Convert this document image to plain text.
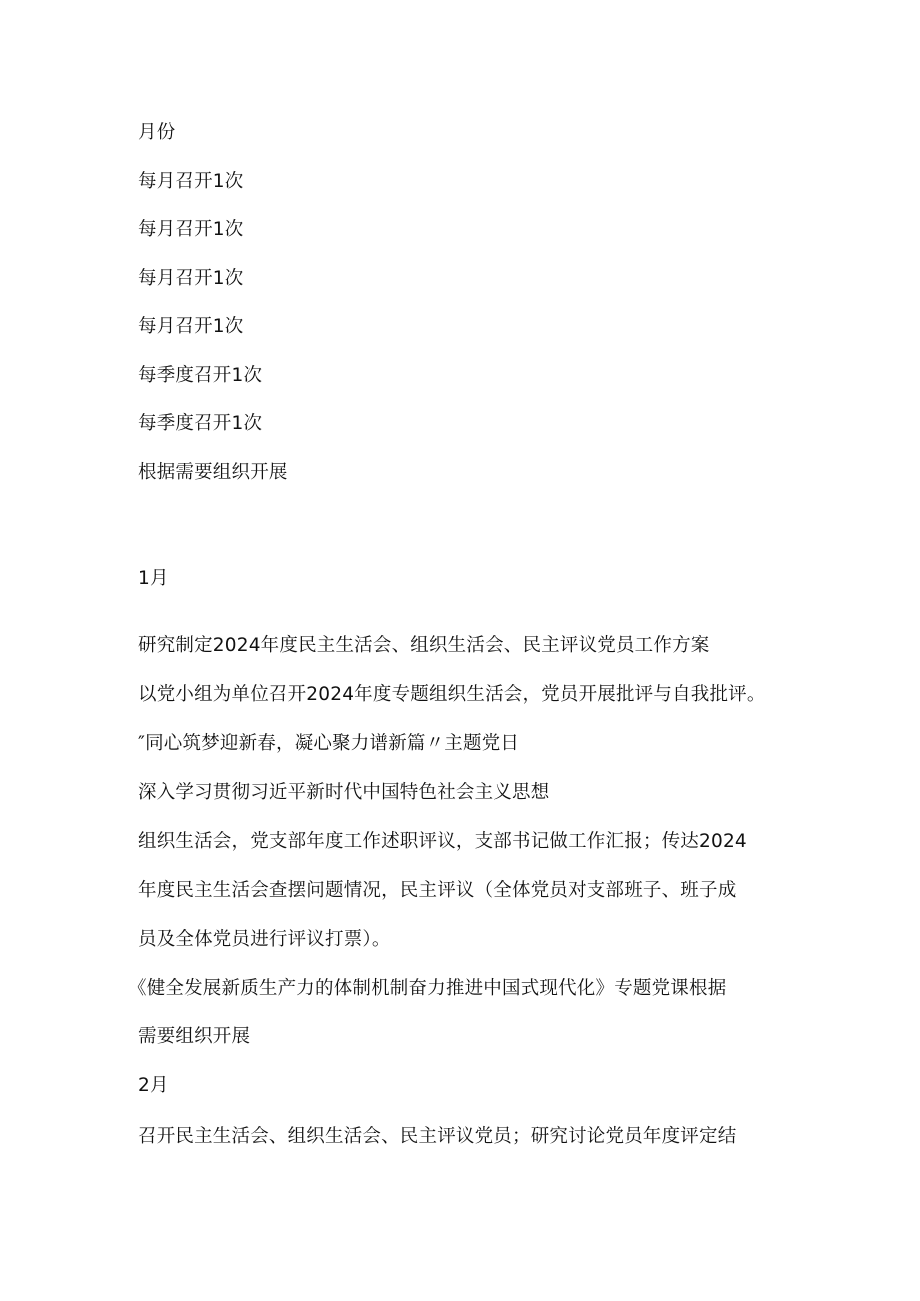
月份
每月召开1次
每月召开1次
每月召开1次
每月召开1次
每季度召开1次
每季度召开1次
根据需要组织开展
1月
研究制定2024年度民主生活会、组织生活会、民主评议党员工作方案
以党小组为单位召开2024年度专题组织生活会，党员开展批评与自我批评。
″同心筑梦迎新春，凝心聚力谱新篇〃主题党日
深入学习贯彻习近平新时代中国特色社会主义思想
组织生活会，党支部年度工作述职评议，支部书记做工作汇报；传达2024
年度民主生活会查摆问题情况，民主评议（全体党员对支部班子、班子成
员及全体党员进行评议打票）。
《健全发展新质生产力的体制机制奋力推进中国式现代化》专题党课根据
需要组织开展
2月
召开民主生活会、组织生活会、民主评议党员；研究讨论党员年度评定结
